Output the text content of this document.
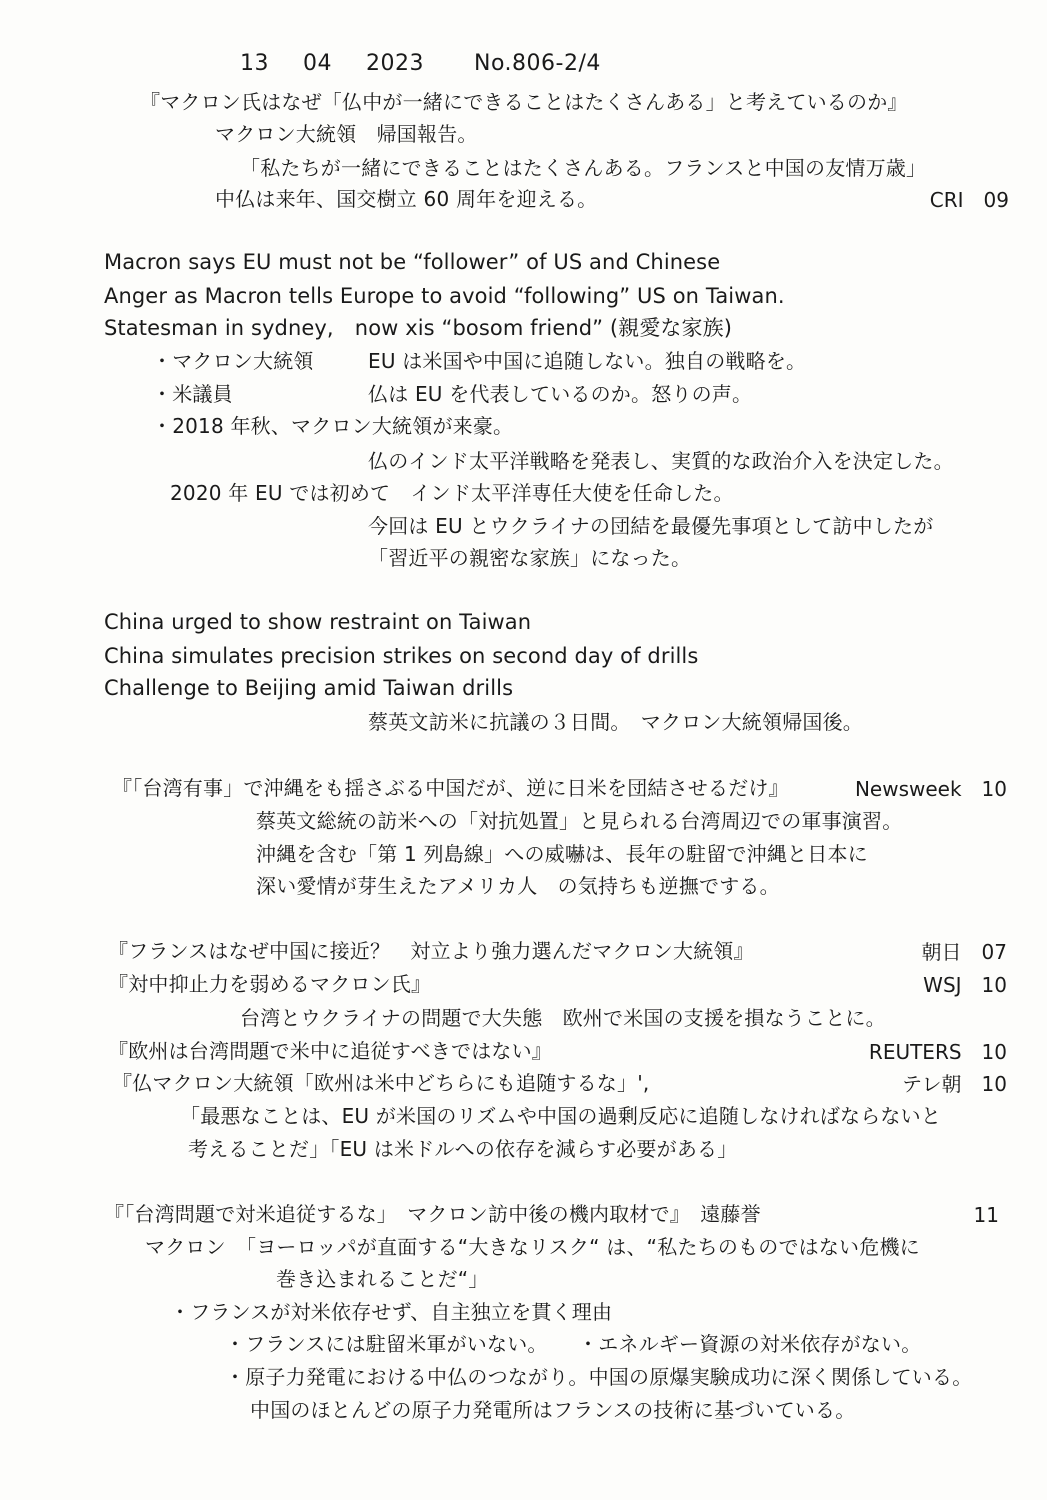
13 04 2023 No.806-2/4
『マクロン氏はなぜ「仏中が一緒にできることはたくさんある」と考えているのか』
マクロン大統領　帰国報告。
「私たちが一緒にできることはたくさんある。フランスと中国の友情万歳」
中仏は来年、国交樹立 60 周年を迎える。	CRI　09
Macron says EU must not be “follower” of US and Chinese
Anger as Macron tells Europe to avoid “following” US on Taiwan.
Statesman in sydney,　now xis “bosom friend” (親愛な家族)
・マクロン大統領	EU は米国や中国に追随しない。独自の戦略を。
・米議員	仏は EU を代表しているのか。怒りの声。
・2018 年秋、マクロン大統領が来豪。
仏のインド太平洋戦略を発表し、実質的な政治介入を決定した。
2020 年 EU では初めて　インド太平洋専任大使を任命した。
今回は EU とウクライナの団結を最優先事項として訪中したが
「習近平の親密な家族」になった。
China urged to show restraint on Taiwan
China simulates precision strikes on second day of drills
Challenge to Beijing amid Taiwan drills
蔡英文訪米に抗議の３日間。　マクロン大統領帰国後。
『「台湾有事」で沖縄をも揺さぶる中国だが、逆に日米を団結させるだけ』	Newsweek　10
蔡英文総統の訪米への「対抗処置」と見られる台湾周辺での軍事演習。
沖縄を含む「第 1 列島線」への威嚇は、長年の駐留で沖縄と日本に
深い愛情が芽生えたアメリカ人　の気持ちも逆撫でする。
『フランスはなぜ中国に接近？　対立より強力選んだマクロン大統領』	朝日　07
『対中抑止力を弱めるマクロン氏』	WSJ　10
台湾とウクライナの問題で大失態　欧州で米国の支援を損なうことに。
『欧州は台湾問題で米中に追従すべきではない』	REUTERS　10
『仏マクロン大統領「欧州は米中どちらにも追随するな」',	テレ朝　10
「最悪なことは、EU が米国のリズムや中国の過剰反応に追随しなければならないと
考えることだ」「EU は米ドルへの依存を減らす必要がある」
『「台湾問題で対米追従するな」　マクロン訪中後の機内取材で』　遠藤誉	11
マクロン　「ヨーロッパが直面する“大きなリスク“ は、“私たちのものではない危機に
巻き込まれることだ“」
・フランスが対米依存せず、自主独立を貫く理由
・フランスには駐留米軍がいない。　　・エネルギー資源の対米依存がない。
・原子力発電における中仏のつながり。中国の原爆実験成功に深く関係している。
中国のほとんどの原子力発電所はフランスの技術に基づいている。
